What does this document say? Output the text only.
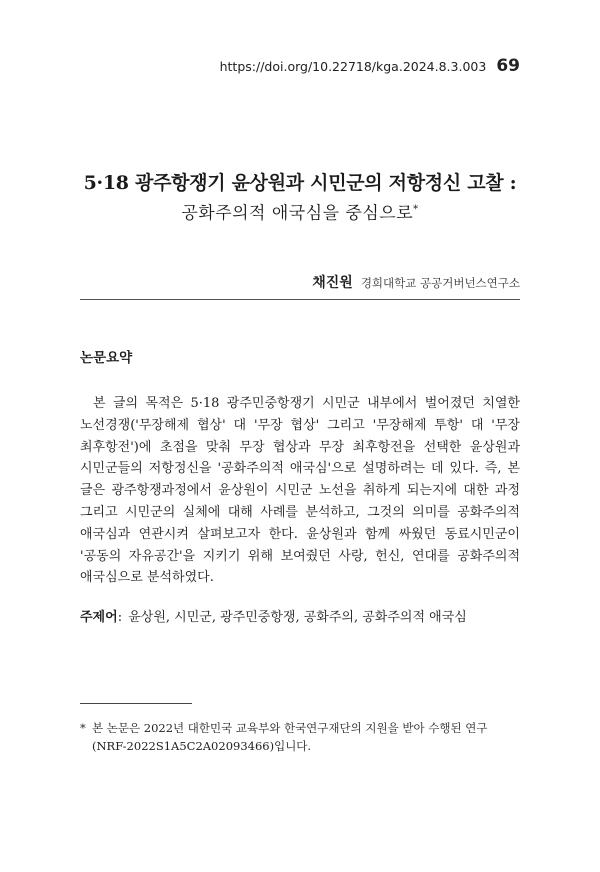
https://doi.org/10.22718/kga.2024.8.3.003 69
5·18 광주항쟁기 윤상원과 시민군의 저항정신 고찰 :
공화주의적 애국심을 중심으로*
채진원 경희대학교 공공거버넌스연구소
논문요약
본 글의 목적은 5·18 광주민중항쟁기 시민군 내부에서 벌어졌던 치열한 노선경쟁('무장해제 협상' 대 '무장 협상' 그리고 '무장해제 투항' 대 '무장 최후항전')에 초점을 맞춰 무장 협상과 무장 최후항전을 선택한 윤상원과 시민군들의 저항정신을 '공화주의적 애국심'으로 설명하려는 데 있다. 즉, 본 글은 광주항쟁과정에서 윤상원이 시민군 노선을 취하게 되는지에 대한 과정 그리고 시민군의 실체에 대해 사례를 분석하고, 그것의 의미를 공화주의적 애국심과 연관시켜 살펴보고자 한다. 윤상원과 함께 싸웠던 동료시민군이 '공동의 자유공간'을 지키기 위해 보여줬던 사랑, 헌신, 연대를 공화주의적 애국심으로 분석하였다.
주제어: 윤상원 , 시민군 , 광주민중항쟁 , 공화주의 , 공화주의적 애국심
* 본 논문은 2022년 대한민국 교육부와 한국연구재단의 지원을 받아 수행된 연구
(NRF-2022S1A5C2A02093466)입니다.
